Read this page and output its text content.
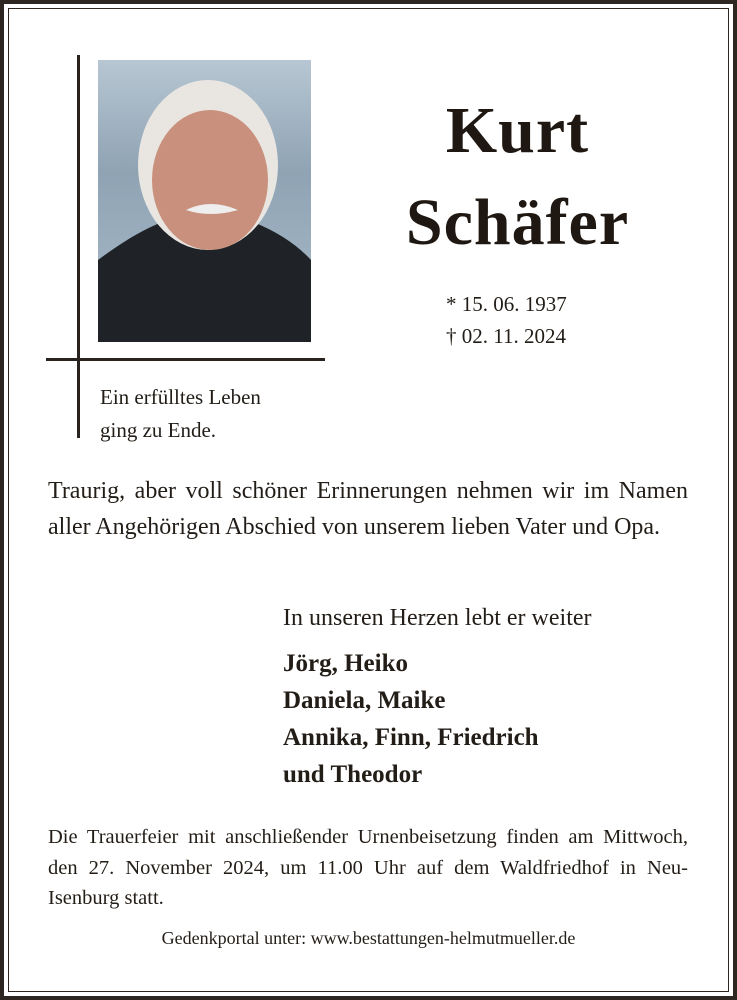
Kurt
Schäfer
* 15. 06. 1937
† 02. 11. 2024
Ein erfülltes Leben
ging zu Ende.
Traurig, aber voll schöner Erinnerungen nehmen wir im Namen aller Angehörigen Abschied von unserem lieben Vater und Opa.
In unseren Herzen lebt er weiter
Jörg, Heiko
Daniela, Maike
Annika, Finn, Friedrich
und Theodor
Die Trauerfeier mit anschließender Urnenbeisetzung finden am Mittwoch, den 27. November 2024, um 11.00 Uhr auf dem Waldfriedhof in Neu-Isenburg statt.
Gedenkportal unter: www.bestattungen-helmutmueller.de
